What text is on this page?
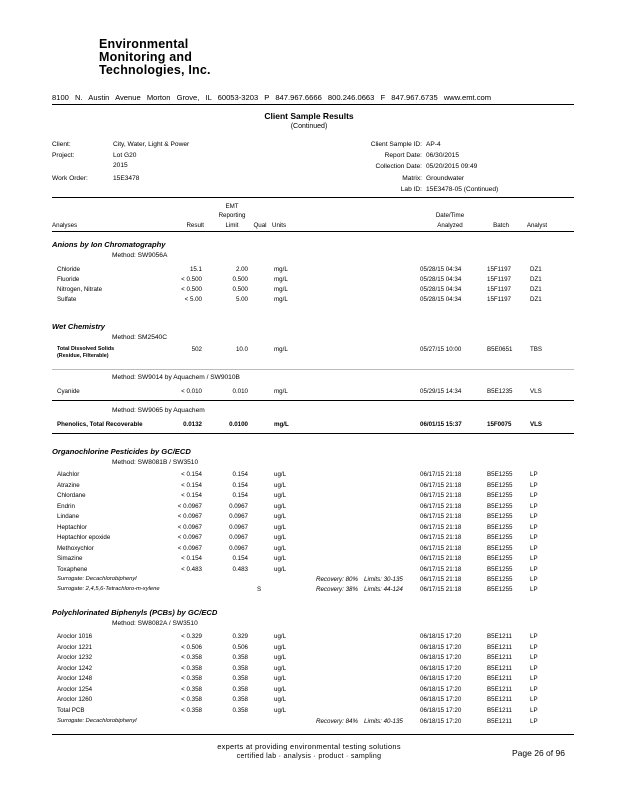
Environmental
Monitoring and
Technologies, Inc.
8100 N. Austin Avenue Morton Grove, IL 60053-3203 P 847.967.6666 800.246.0663 F 847.967.6735 www.emt.com
Client Sample Results
(Continued)
Client:	City, Water, Light & Power
Project:	Lot G20
2015
Work Order:	15E3478
Client Sample ID: AP-4
Report Date: 06/30/2015
Collection Date: 05/20/2015 09:49
Matrix: Groundwater
Lab ID: 15E3478-05 (Continued)
EMT
Reporting	Date/Time
Analyses	Result	Limit	Qual Units	Analyzed	Batch	Analyst
Anions by Ion Chromatography
Method: SW9056A
Chloride	15.1	2.00	mg/L	05/28/15 04:34	15F1197	DZ1
Fluoride	< 0.500	0.500	mg/L	05/28/15 04:34	15F1197	DZ1
Nitrogen, Nitrate	< 0.500	0.500	mg/L	05/28/15 04:34	15F1197	DZ1
Sulfate	< 5.00	5.00	mg/L	05/28/15 04:34	15F1197	DZ1
Wet Chemistry
Method: SM2540C
Total Dissolved Solids (Residue, Filterable)
502	10.0	mg/L	05/27/15 10:00	B5E0651	TBS
Method: SW9014 by Aquachem / SW9010B
Cyanide	< 0.010	0.010	mg/L	05/29/15 14:34	B5E1235	VLS
Method: SW9065 by Aquachem
Phenolics, Total Recoverable	0.0132	0.0100	mg/L	06/01/15 15:37	15F0075	VLS
Organochlorine Pesticides by GC/ECD
Method: SW8081B / SW3510
Alachlor	< 0.154	0.154	ug/L	06/17/15 21:18	B5E1255	LP
Atrazine	< 0.154	0.154	ug/L	06/17/15 21:18	B5E1255	LP
Chlordane	< 0.154	0.154	ug/L	06/17/15 21:18	B5E1255	LP
Endrin	< 0.0967	0.0967	ug/L	06/17/15 21:18	B5E1255	LP
Lindane	< 0.0967	0.0967	ug/L	06/17/15 21:18	B5E1255	LP
Heptachlor	< 0.0967	0.0967	ug/L	06/17/15 21:18	B5E1255	LP
Heptachlor epoxide	< 0.0967	0.0967	ug/L	06/17/15 21:18	B5E1255	LP
Methoxychlor	< 0.0967	0.0967	ug/L	06/17/15 21:18	B5E1255	LP
Simazine	< 0.154	0.154	ug/L	06/17/15 21:18	B5E1255	LP
Toxaphene	< 0.483	0.483	ug/L	06/17/15 21:18	B5E1255	LP
Surrogate: Decachlorobiphenyl	Recovery: 80% Limits: 30-135	06/17/15 21:18	B5E1255	LP
Surrogate: 2,4,5,6-Tetrachloro-m-xylene	S	Recovery: 38% Limits: 44-124	06/17/15 21:18	B5E1255	LP
Polychlorinated Biphenyls (PCBs) by GC/ECD
Method: SW8082A / SW3510
Aroclor 1016	< 0.329	0.329	ug/L	06/18/15 17:20	B5E1211	LP
Aroclor 1221	< 0.506	0.506	ug/L	06/18/15 17:20	B5E1211	LP
Aroclor 1232	< 0.358	0.358	ug/L	06/18/15 17:20	B5E1211	LP
Aroclor 1242	< 0.358	0.358	ug/L	06/18/15 17:20	B5E1211	LP
Aroclor 1248	< 0.358	0.358	ug/L	06/18/15 17:20	B5E1211	LP
Aroclor 1254	< 0.358	0.358	ug/L	06/18/15 17:20	B5E1211	LP
Aroclor 1260	< 0.358	0.358	ug/L	06/18/15 17:20	B5E1211	LP
Total PCB	< 0.358	0.358	ug/L	06/18/15 17:20	B5E1211	LP
Surrogate: Decachlorobiphenyl	Recovery: 84% Limits: 40-135	06/18/15 17:20	B5E1211	LP
experts at providing environmental testing solutions
certified lab · analysis · product · sampling	Page 26 of 96
